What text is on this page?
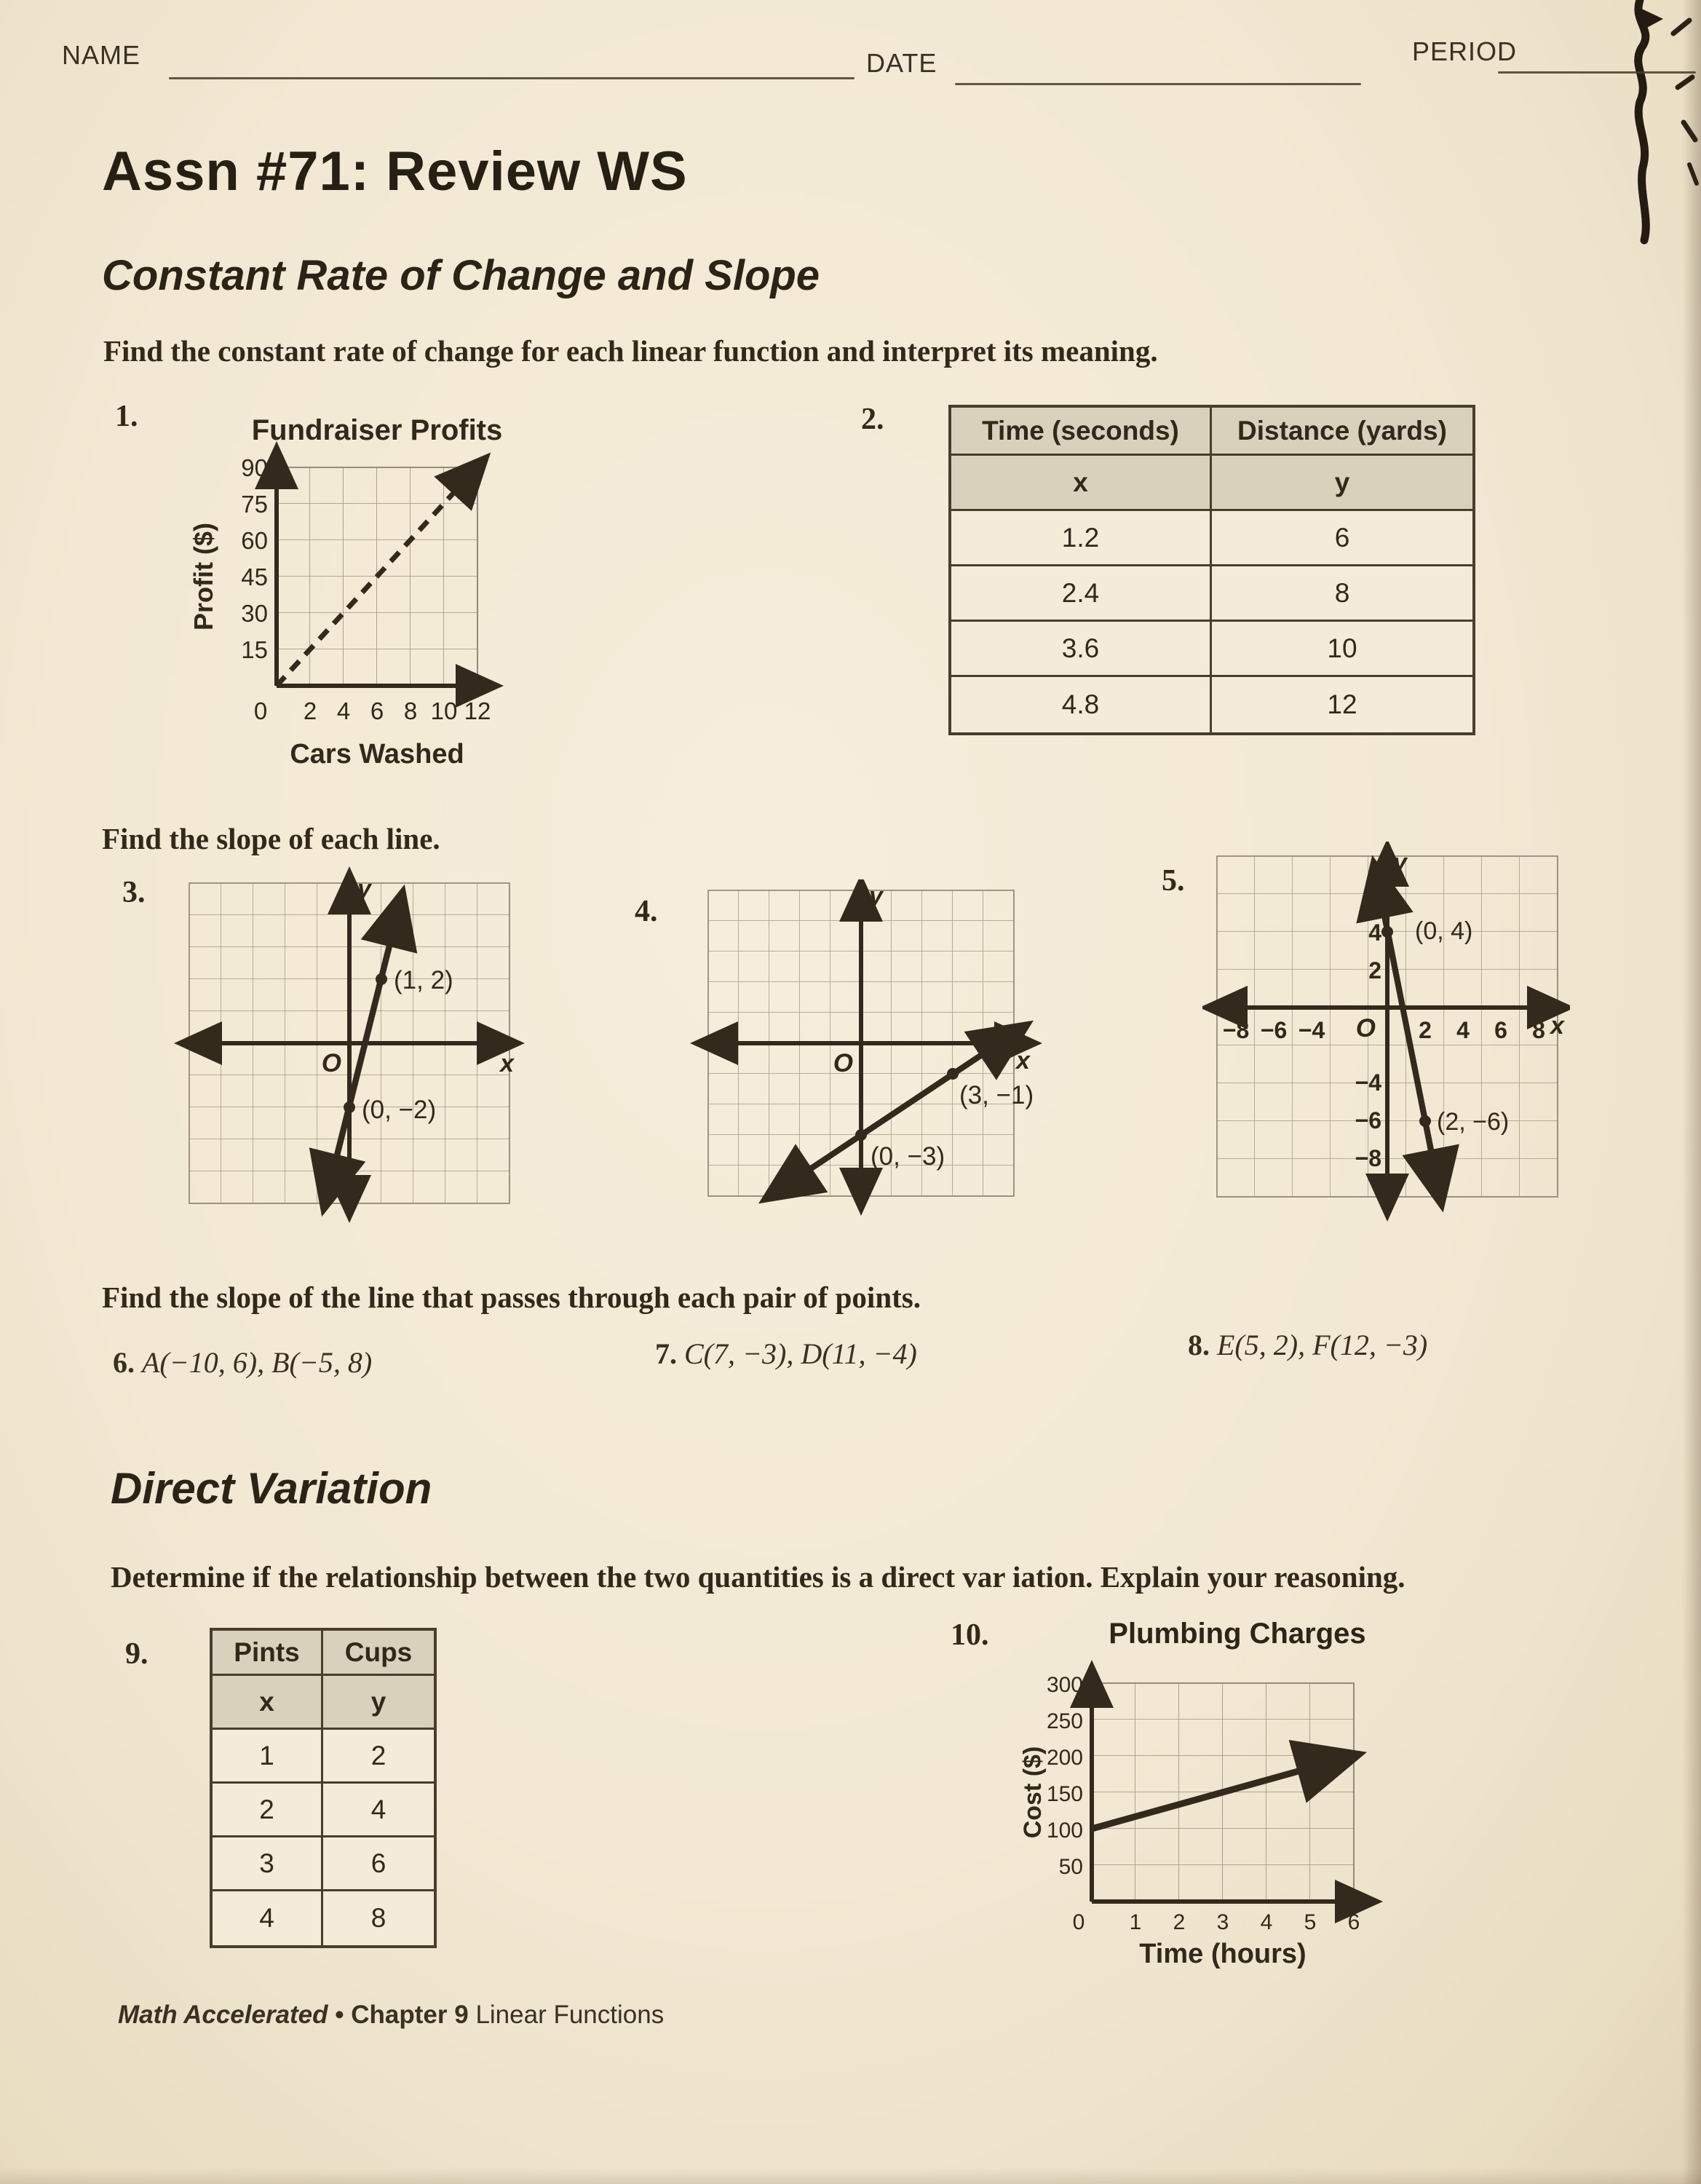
NAME	DATE	PERIOD
Assn #71: Review WS
Constant Rate of Change and Slope
Find the constant rate of change for each linear function and interpret its meaning.
1.	Fundraiser Profits
90
75
60
45
30
15
0 2 4 6 8 10 12
Profit ($)
Cars Washed
2.	Time (seconds)	Distance (yards)
x	y
1.2	6
2.4	8
3.6	10
4.8	12
Find the slope of each line.
3.
(1, 2)
(0, −2)
O
y
x
4.
(3, −1)
(0, −3)
O
y
x
5.
(0, 4)
(2, −6)
−8 −6 −4	2 4 6 8
4
2
−4
−6
−8
O
y
x
Find the slope of the line that passes through each pair of points.
6. A(−10, 6), B(−5, 8)	7. C(7, −3), D(11, −4)	8. E(5, 2), F(12, −3)
Direct Variation
Determine if the relationship between the two quantities is a direct var iation. Explain your reasoning.
9.	Pints	Cups
x	y
1	2
2	4
3	6
4	8
10.	Plumbing Charges
300
250
200
150
100
50
0 1 2 3 4 5 6
Cost ($)
Time (hours)
Math Accelerated • Chapter 9 Linear Functions
